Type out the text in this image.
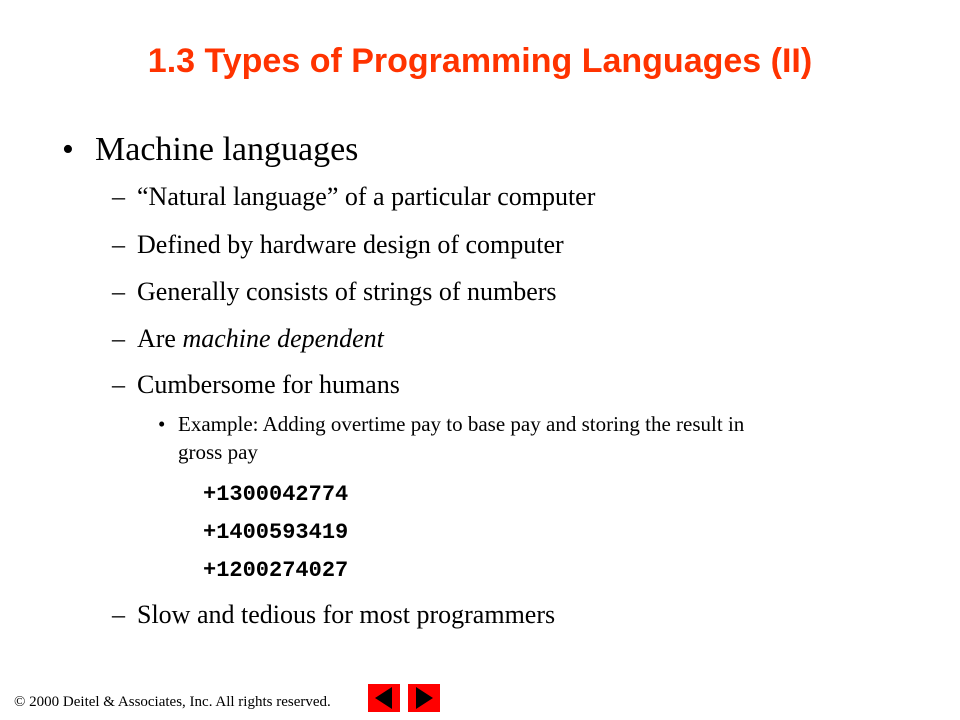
1.3 Types of Programming Languages (II)
• Machine languages
– “Natural language” of a particular computer
– Defined by hardware design of computer
– Generally consists of strings of numbers
– Are machine dependent
– Cumbersome for humans
• Example: Adding overtime pay to base pay and storing the result in
gross pay
+1300042774
+1400593419
+1200274027
– Slow and tedious for most programmers
© 2000 Deitel & Associates, Inc. All rights reserved.
